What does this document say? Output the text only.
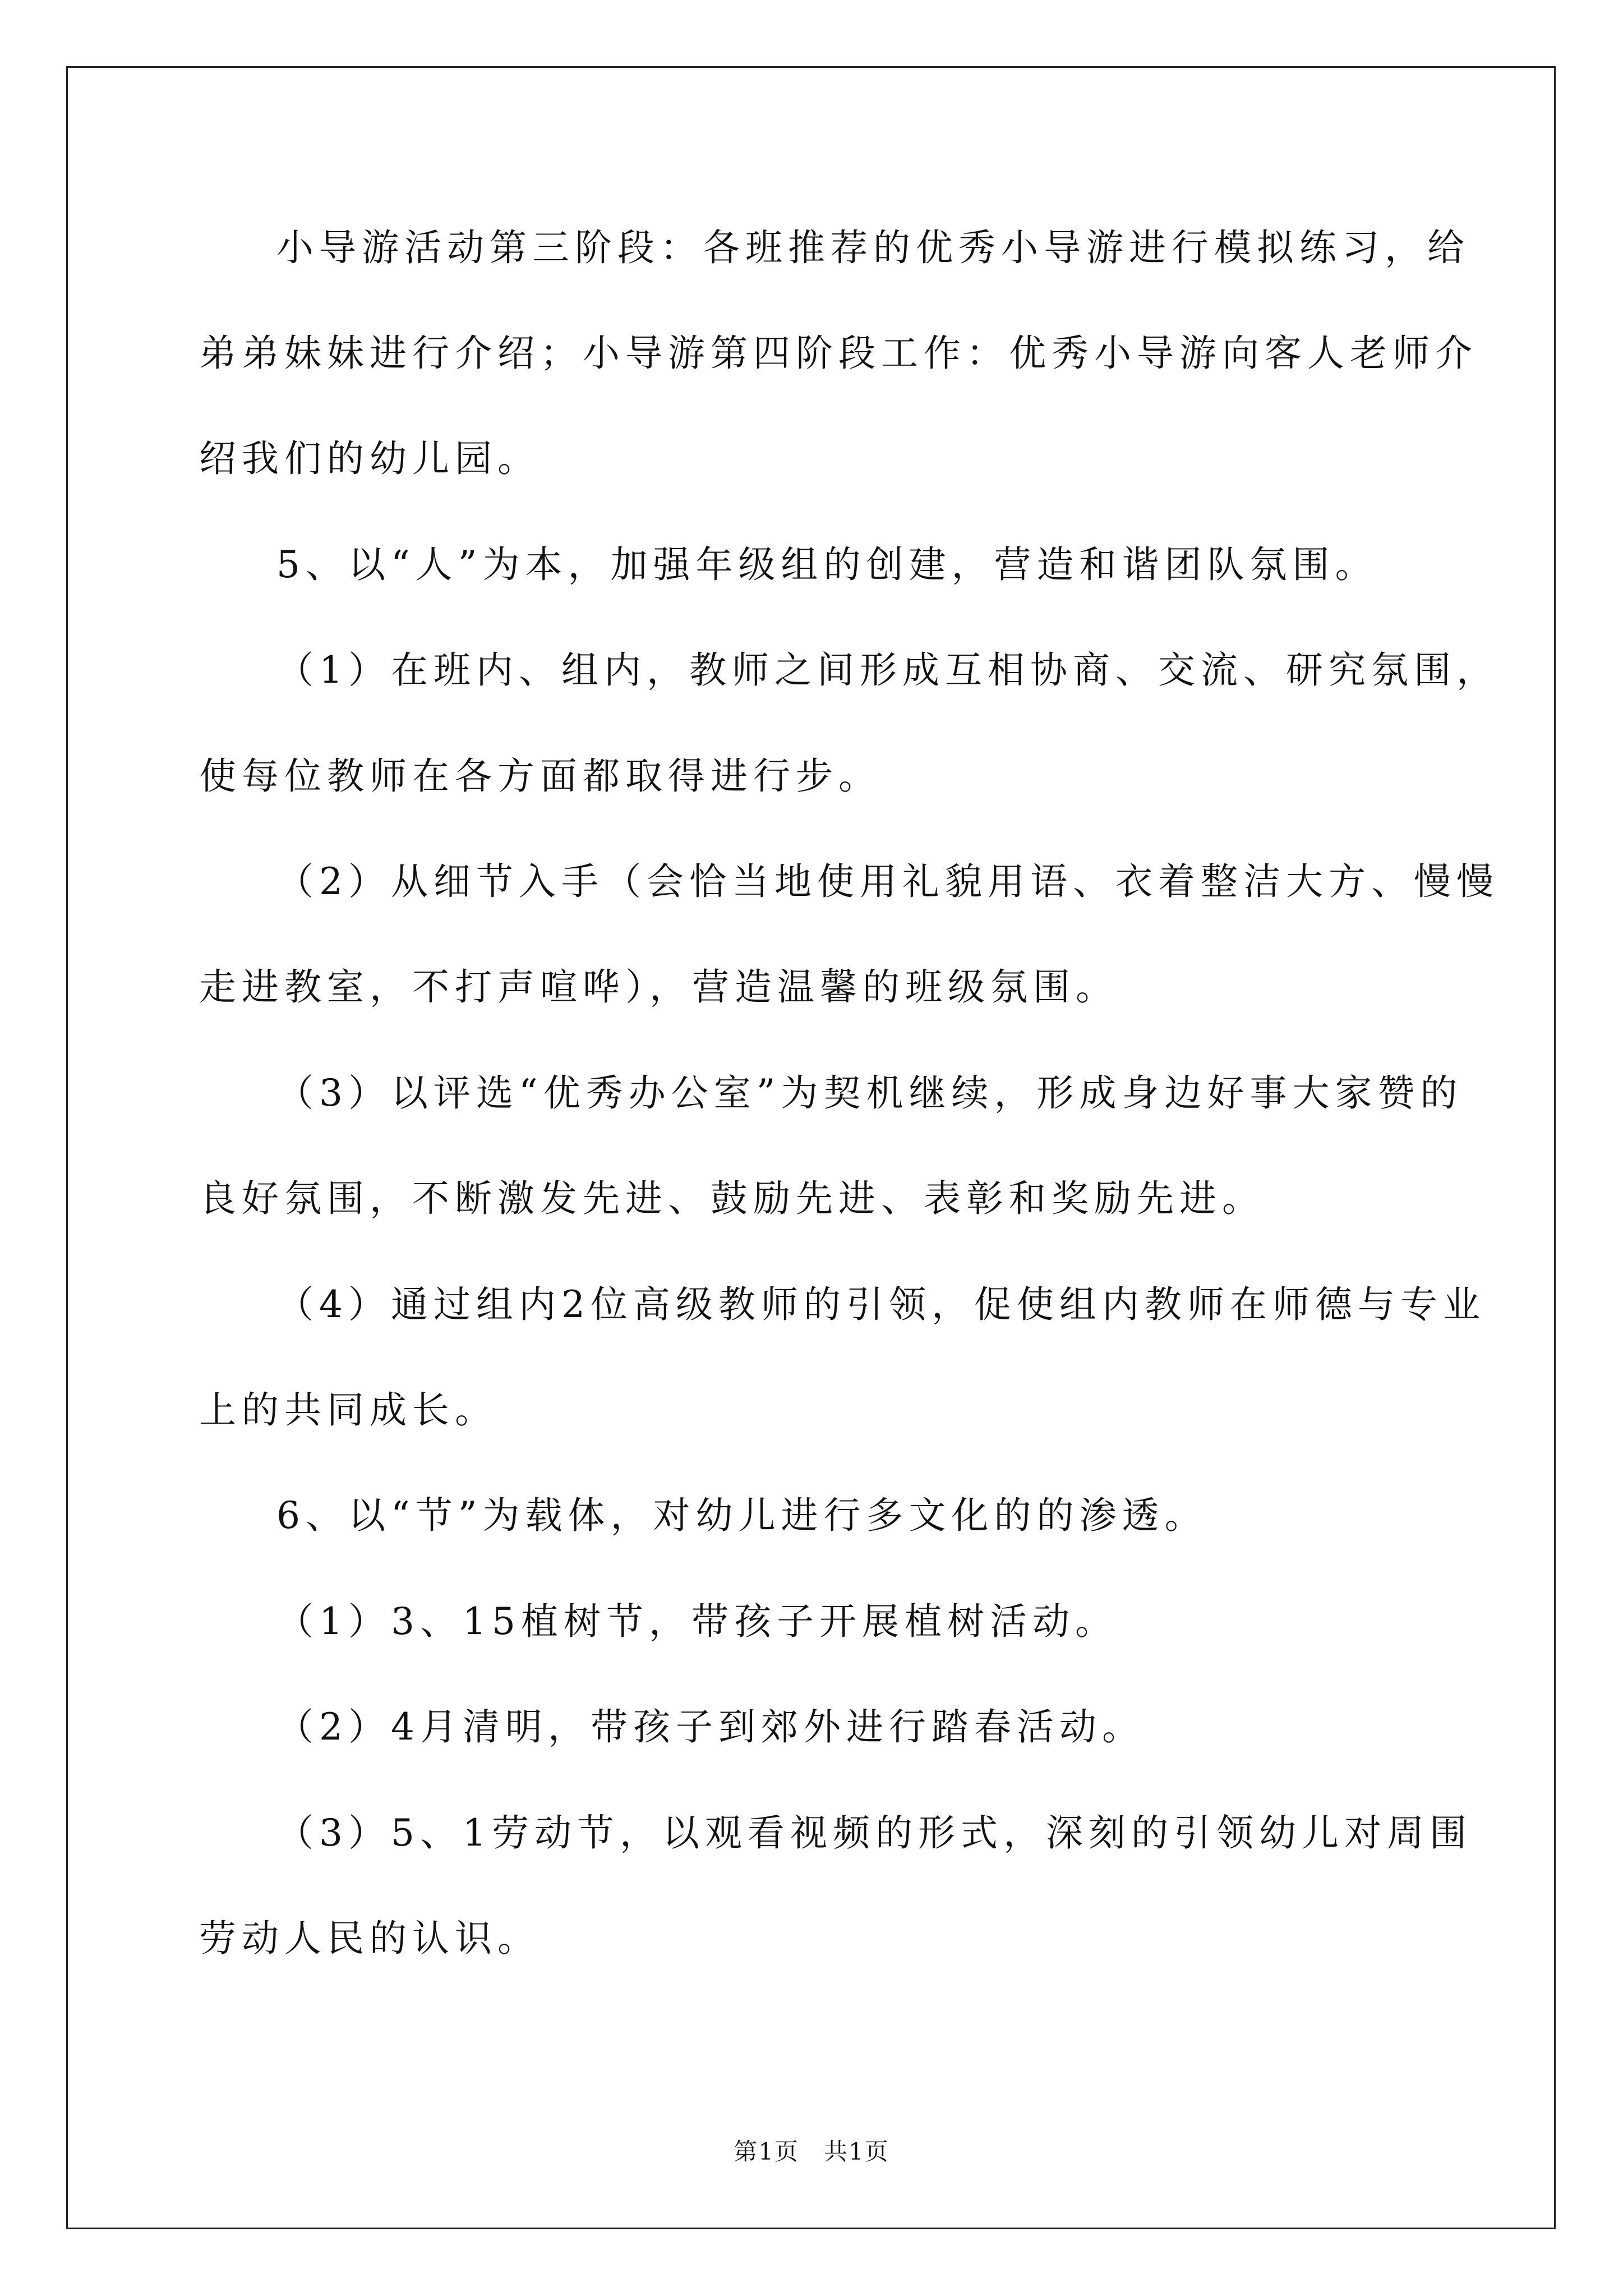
小导游活动第三阶段：各班推荐的优秀小导游进行模拟练习，给
弟弟妹妹进行介绍；小导游第四阶段工作：优秀小导游向客人老师介
绍我们的幼儿园。
5、以“人”为本，加强年级组的创建，营造和谐团队氛围。
（1）在班内、组内，教师之间形成互相协商、交流、研究氛围，
使每位教师在各方面都取得进行步。
（2）从细节入手（会恰当地使用礼貌用语、衣着整洁大方、慢慢
走进教室，不打声喧哗），营造温馨的班级氛围。
（3）以评选“优秀办公室”为契机继续，形成身边好事大家赞的
良好氛围，不断激发先进、鼓励先进、表彰和奖励先进。
（4）通过组内2位高级教师的引领，促使组内教师在师德与专业
上的共同成长。
6、以“节”为载体，对幼儿进行多文化的的渗透。
（1）3、15植树节，带孩子开展植树活动。
（2）4月清明，带孩子到郊外进行踏春活动。
（3）5、1劳动节，以观看视频的形式，深刻的引领幼儿对周围
劳动人民的认识。
第1页　共1页
